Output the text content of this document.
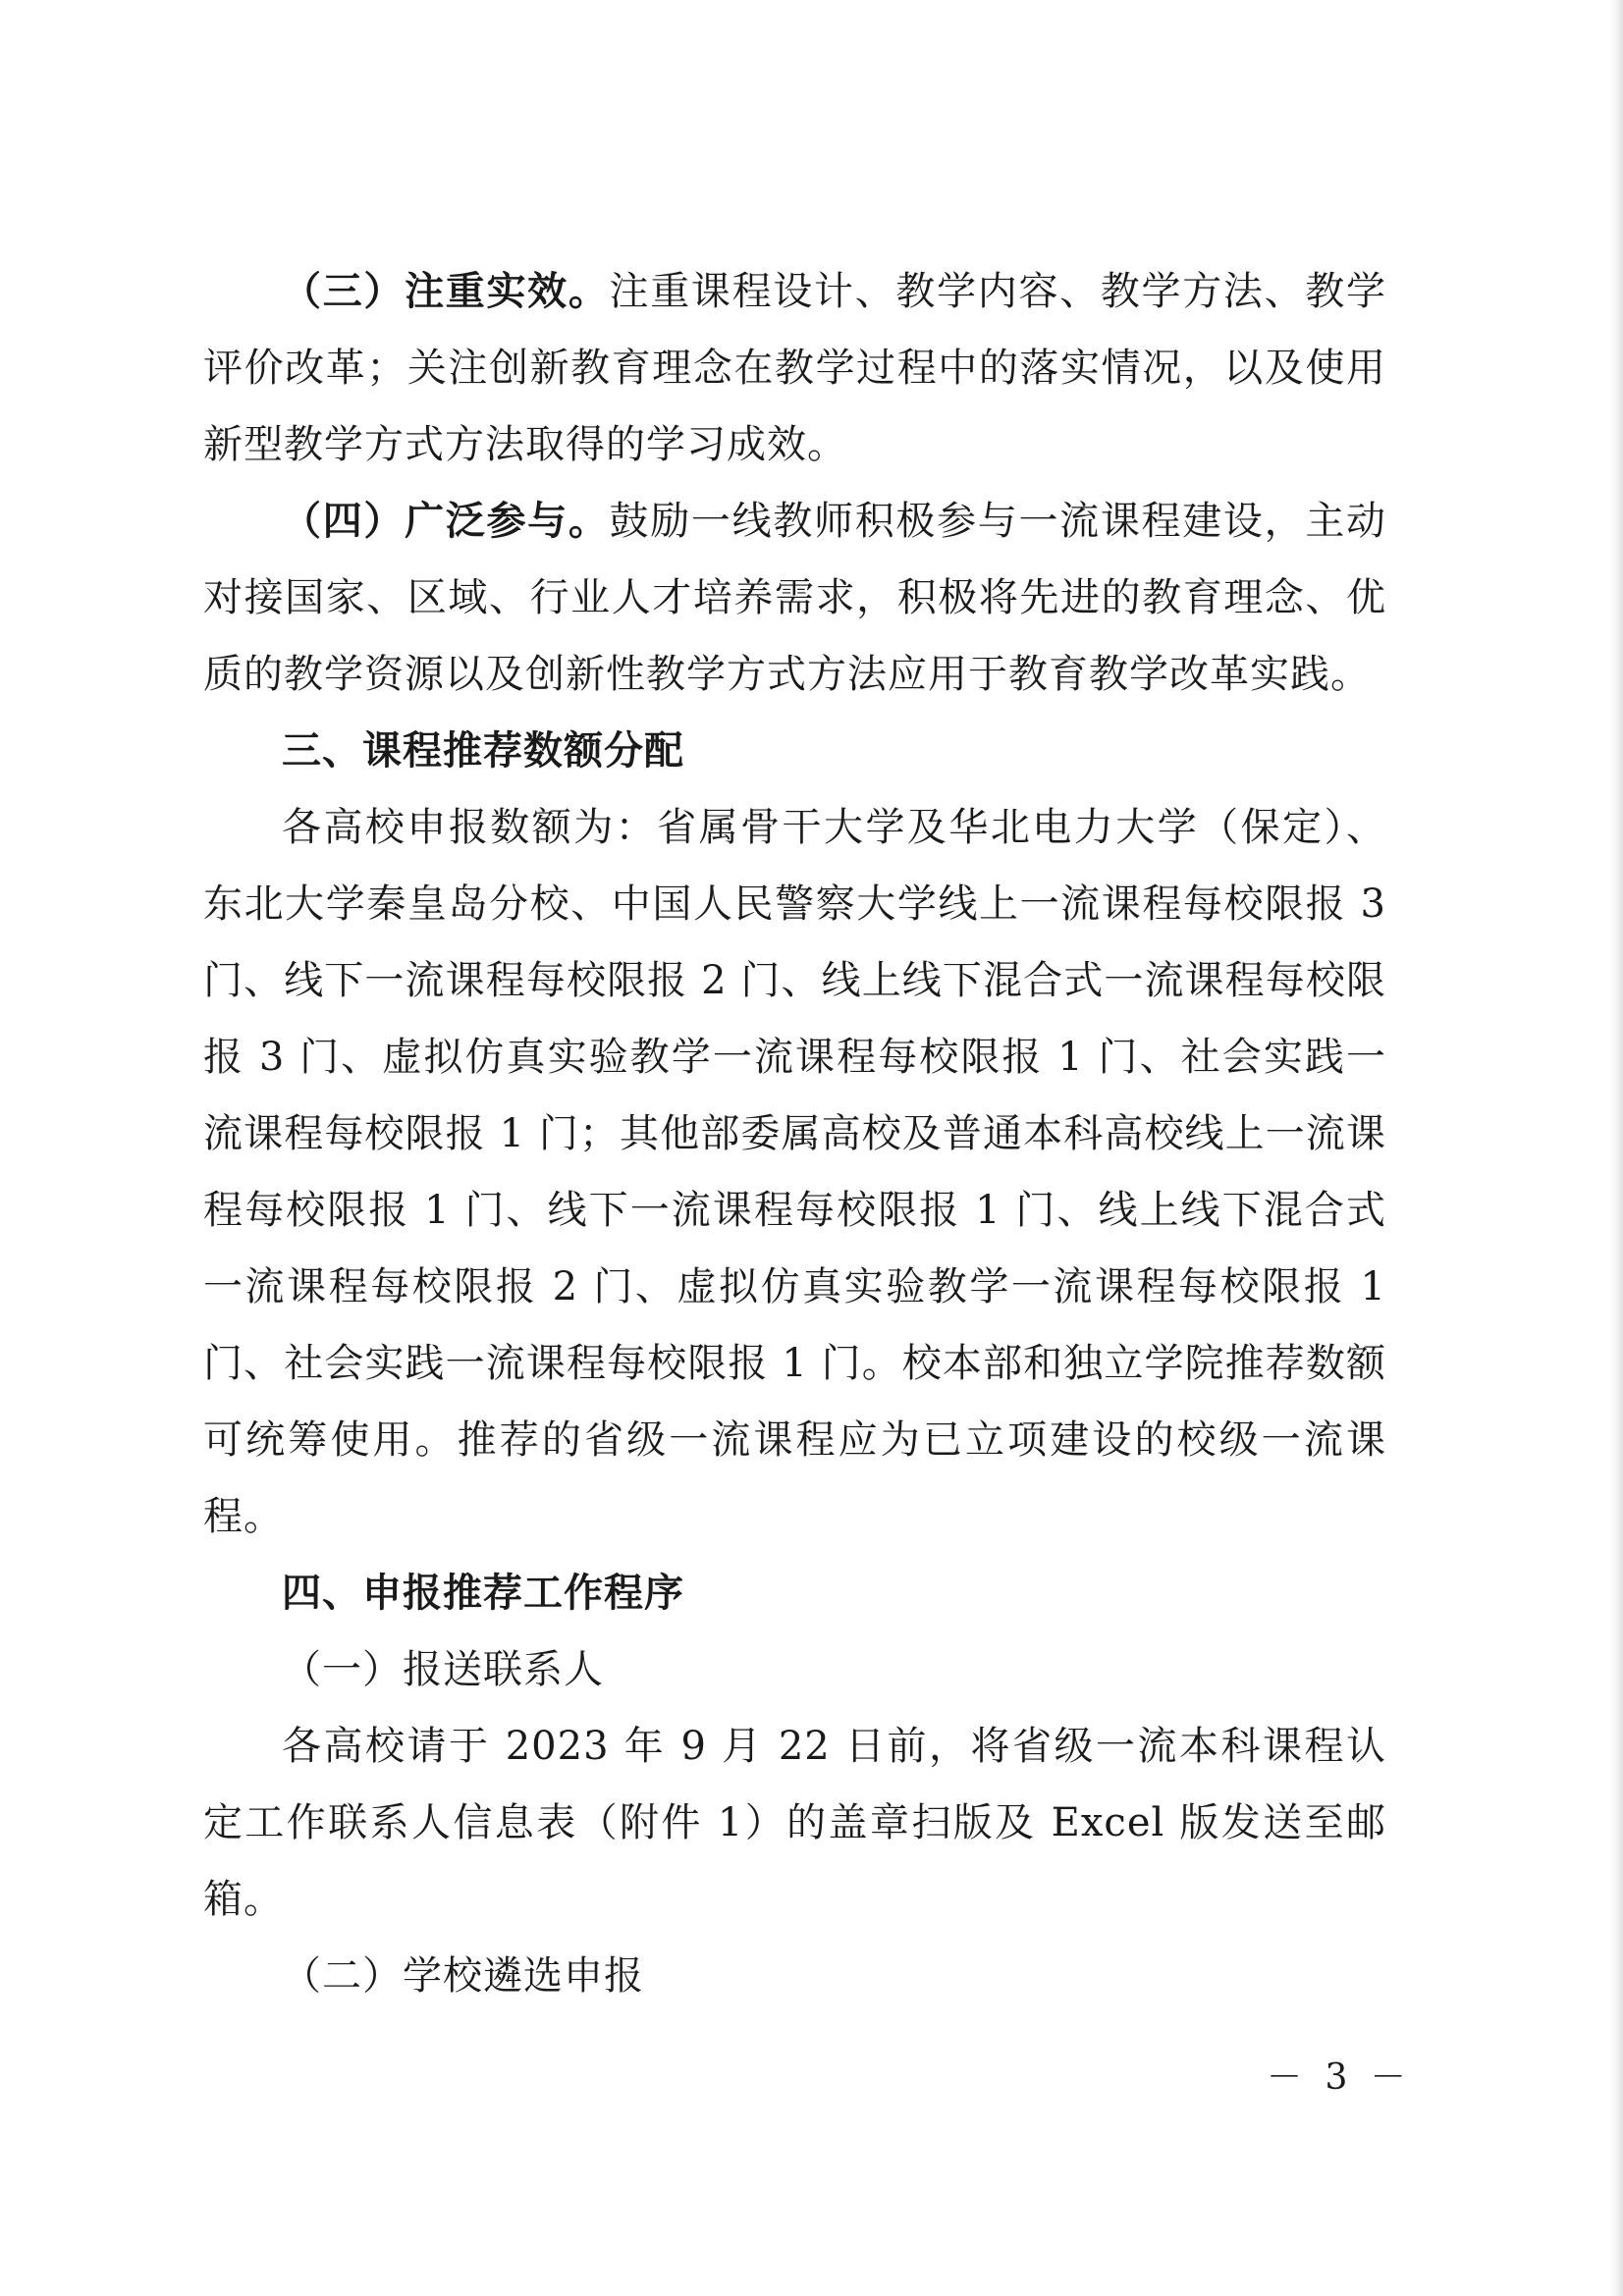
（三）注重实效。注重课程设计、教学内容、教学方法、教学评价改革；关注创新教育理念在教学过程中的落实情况，以及使用新型教学方式方法取得的学习成效。

（四）广泛参与。鼓励一线教师积极参与一流课程建设，主动对接国家、区域、行业人才培养需求，积极将先进的教育理念、优质的教学资源以及创新性教学方式方法应用于教育教学改革实践。

三、课程推荐数额分配

各高校申报数额为：省属骨干大学及华北电力大学（保定）、东北大学秦皇岛分校、中国人民警察大学线上一流课程每校限报 3 门、线下一流课程每校限报 2 门、线上线下混合式一流课程每校限报 3 门、虚拟仿真实验教学一流课程每校限报 1 门、社会实践一流课程每校限报 1 门；其他部委属高校及普通本科高校线上一流课程每校限报 1 门、线下一流课程每校限报 1 门、线上线下混合式一流课程每校限报 2 门、虚拟仿真实验教学一流课程每校限报 1 门、社会实践一流课程每校限报 1 门。校本部和独立学院推荐数额可统筹使用。推荐的省级一流课程应为已立项建设的校级一流课程。

四、申报推荐工作程序

（一）报送联系人

各高校请于 2023 年 9 月 22 日前，将省级一流本科课程认定工作联系人信息表（附件 1）的盖章扫版及 Excel 版发送至邮箱。

（二）学校遴选申报

－ 3 －
